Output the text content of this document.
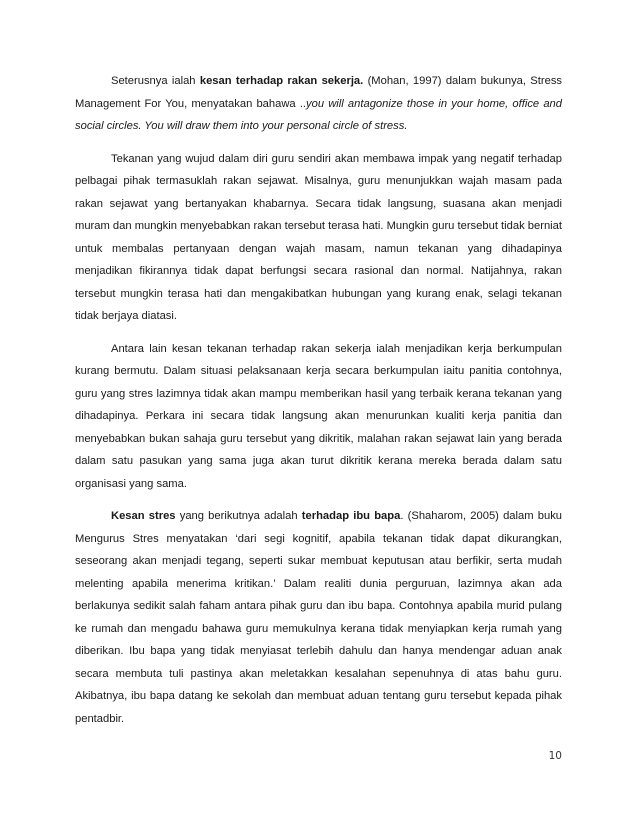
Seterusnya ialah kesan terhadap rakan sekerja. (Mohan, 1997) dalam bukunya, Stress Management For You, menyatakan bahawa ..you will antagonize those in your home, office and social circles. You will draw them into your personal circle of stress.

Tekanan yang wujud dalam diri guru sendiri akan membawa impak yang negatif terhadap pelbagai pihak termasuklah rakan sejawat. Misalnya, guru menunjukkan wajah masam pada rakan sejawat yang bertanyakan khabarnya. Secara tidak langsung, suasana akan menjadi muram dan mungkin menyebabkan rakan tersebut terasa hati. Mungkin guru tersebut tidak berniat untuk membalas pertanyaan dengan wajah masam, namun tekanan yang dihadapinya menjadikan fikirannya tidak dapat berfungsi secara rasional dan normal. Natijahnya, rakan tersebut mungkin terasa hati dan mengakibatkan hubungan yang kurang enak, selagi tekanan tidak berjaya diatasi.

Antara lain kesan tekanan terhadap rakan sekerja ialah menjadikan kerja berkumpulan kurang bermutu. Dalam situasi pelaksanaan kerja secara berkumpulan iaitu panitia contohnya, guru yang stres lazimnya tidak akan mampu memberikan hasil yang terbaik kerana tekanan yang dihadapinya. Perkara ini secara tidak langsung akan menurunkan kualiti kerja panitia dan menyebabkan bukan sahaja guru tersebut yang dikritik, malahan rakan sejawat lain yang berada dalam satu pasukan yang sama juga akan turut dikritik kerana mereka berada dalam satu organisasi yang sama.

Kesan stres yang berikutnya adalah terhadap ibu bapa. (Shaharom, 2005) dalam buku Mengurus Stres menyatakan ‘dari segi kognitif, apabila tekanan tidak dapat dikurangkan, seseorang akan menjadi tegang, seperti sukar membuat keputusan atau berfikir, serta mudah melenting apabila menerima kritikan.’ Dalam realiti dunia perguruan, lazimnya akan ada berlakunya sedikit salah faham antara pihak guru dan ibu bapa. Contohnya apabila murid pulang ke rumah dan mengadu bahawa guru memukulnya kerana tidak menyiapkan kerja rumah yang diberikan. Ibu bapa yang tidak menyiasat terlebih dahulu dan hanya mendengar aduan anak secara membuta tuli pastinya akan meletakkan kesalahan sepenuhnya di atas bahu guru. Akibatnya, ibu bapa datang ke sekolah dan membuat aduan tentang guru tersebut kepada pihak pentadbir.

10
